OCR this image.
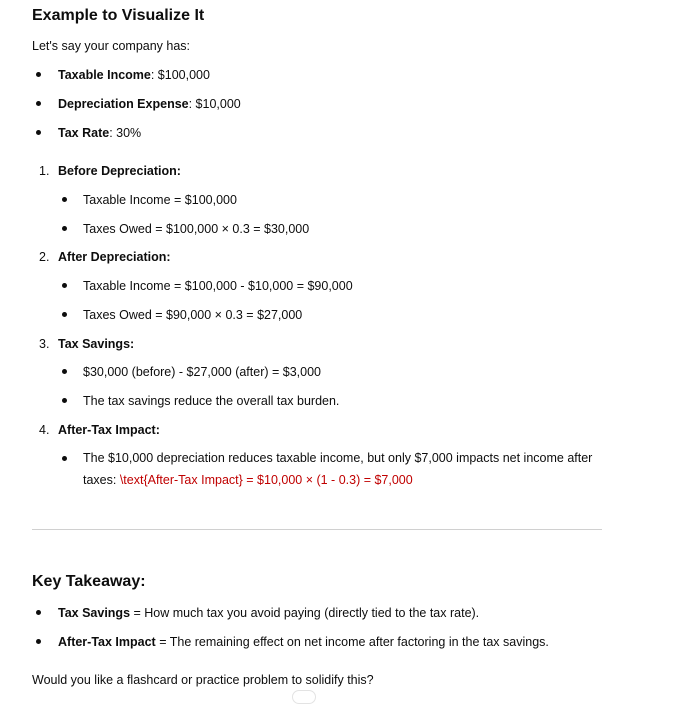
Example to Visualize It
Let's say your company has:
Taxable Income: $100,000
Depreciation Expense: $10,000
Tax Rate: 30%
1. Before Depreciation:
Taxable Income = $100,000
Taxes Owed = $100,000 × 0.3 = $30,000
2. After Depreciation:
Taxable Income = $100,000 - $10,000 = $90,000
Taxes Owed = $90,000 × 0.3 = $27,000
3. Tax Savings:
$30,000 (before) - $27,000 (after) = $3,000
The tax savings reduce the overall tax burden.
4. After-Tax Impact:
The $10,000 depreciation reduces taxable income, but only $7,000 impacts net income after taxes: \text{After-Tax Impact} = $10,000 × (1 - 0.3) = $7,000
Key Takeaway:
Tax Savings = How much tax you avoid paying (directly tied to the tax rate).
After-Tax Impact = The remaining effect on net income after factoring in the tax savings.
Would you like a flashcard or practice problem to solidify this?
